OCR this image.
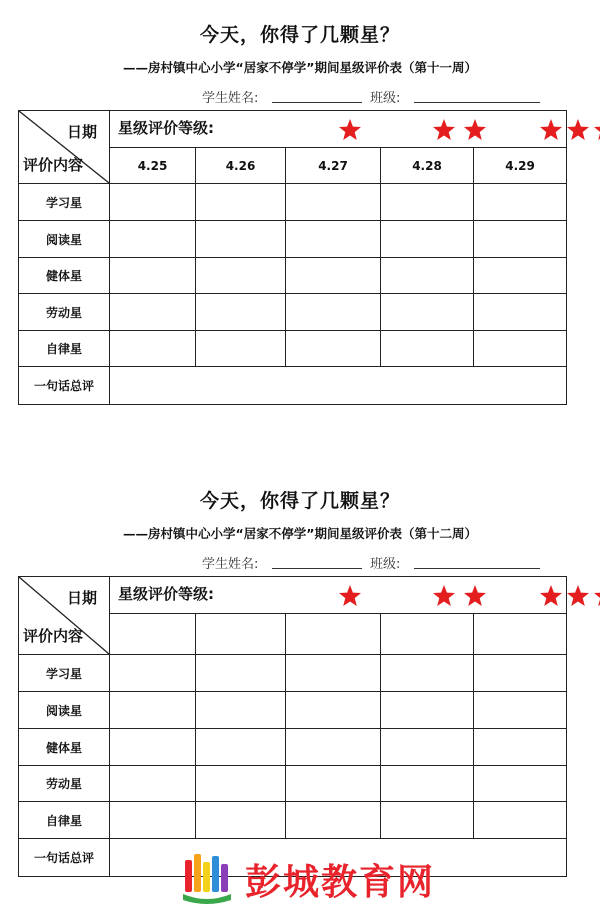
今天，你得了几颗星？
——房村镇中心小学“居家不停学”期间星级评价表（第十一周）
学生姓名:	班级:
日期
评价内容	星级评价等级:				

	4.25	4.26	4.27	4.28	4.29
学习星					
阅读星					
健体星					
劳动星					
自律星					
一句话总评					
今天，你得了几颗星？
——房村镇中心小学“居家不停学”期间星级评价表（第十二周）
学生姓名:	班级:
日期
评价内容	星级评价等级:				

学习星					
阅读星					
健体星					
劳动星					
自律星					
一句话总评					
彭城教育网
